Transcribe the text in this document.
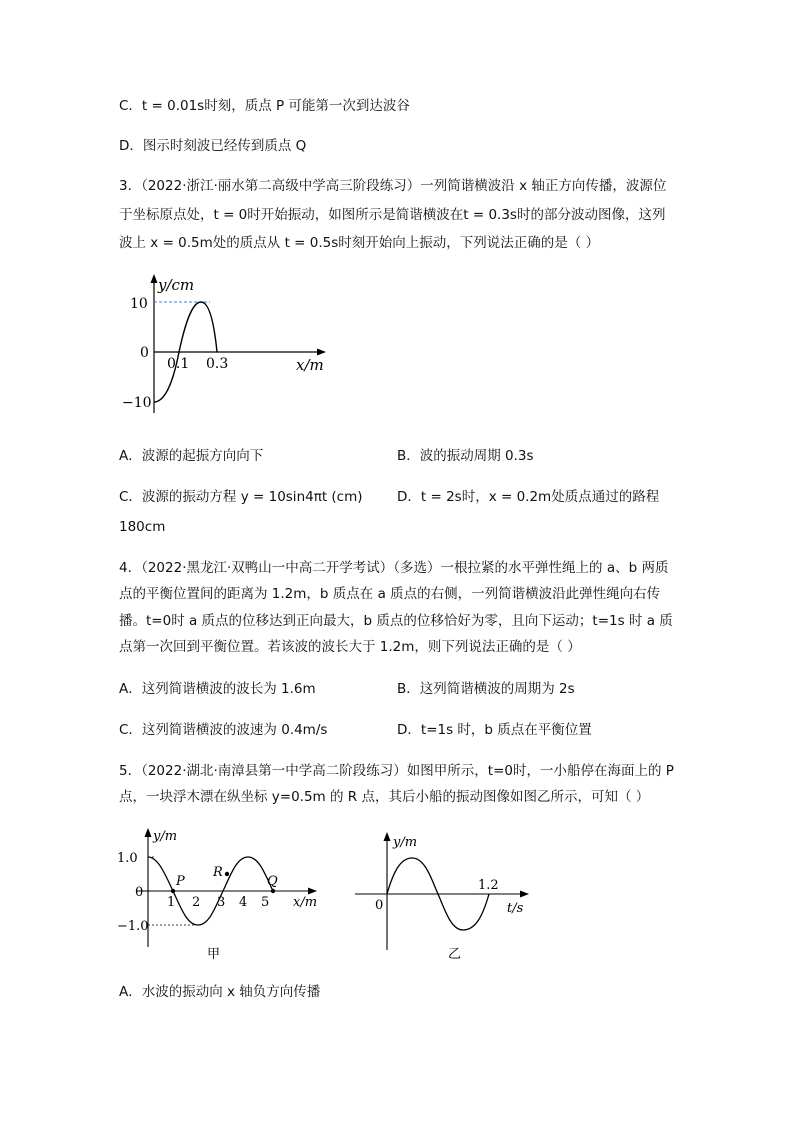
C．t = 0.01s时刻，质点 P 可能第一次到达波谷
D．图示时刻波已经传到质点 Q
3．（2022·浙江·丽水第二高级中学高三阶段练习）一列简谐横波沿 x 轴正方向传播，波源位
于坐标原点处，t = 0时开始振动，如图所示是简谐横波在t = 0.3s时的部分波动图像，这列
波上 x = 0.5m处的质点从 t = 0.5s时刻开始向上振动，下列说法正确的是（ ）
y/cm
10
0
−10
0.1 0.3	x/m
A．波源的起振方向向下	B．波的振动周期 0.3s
C．波源的振动方程 y = 10sin4πt (cm)	D．t = 2s时，x = 0.2m处质点通过的路程
180cm
4．（2022·黑龙江·双鸭山一中高二开学考试）（多选）一根拉紧的水平弹性绳上的 a、b 两质
点的平衡位置间的距离为 1.2m，b 质点在 a 质点的右侧，一列简谐横波沿此弹性绳向右传
播。t=0时 a 质点的位移达到正向最大，b 质点的位移恰好为零，且向下运动；t=1s 时 a 质
点第一次回到平衡位置。若该波的波长大于 1.2m，则下列说法正确的是（ ）
A．这列简谐横波的波长为 1.6m	B．这列简谐横波的周期为 2s
C．这列简谐横波的波速为 0.4m/s	D．t=1s 时，b 质点在平衡位置
5．（2022·湖北·南漳县第一中学高二阶段练习）如图甲所示，t=0时，一小船停在海面上的 P
点，一块浮木漂在纵坐标 y=0.5m 的 R 点，其后小船的振动图像如图乙所示，可知（ ）
y/m
1.0
0
−1.0
1 2 3 4 5
P
R
Q
x/m
甲
y/m
0
1.2
t/s
乙
A．水波的振动向 x 轴负方向传播
